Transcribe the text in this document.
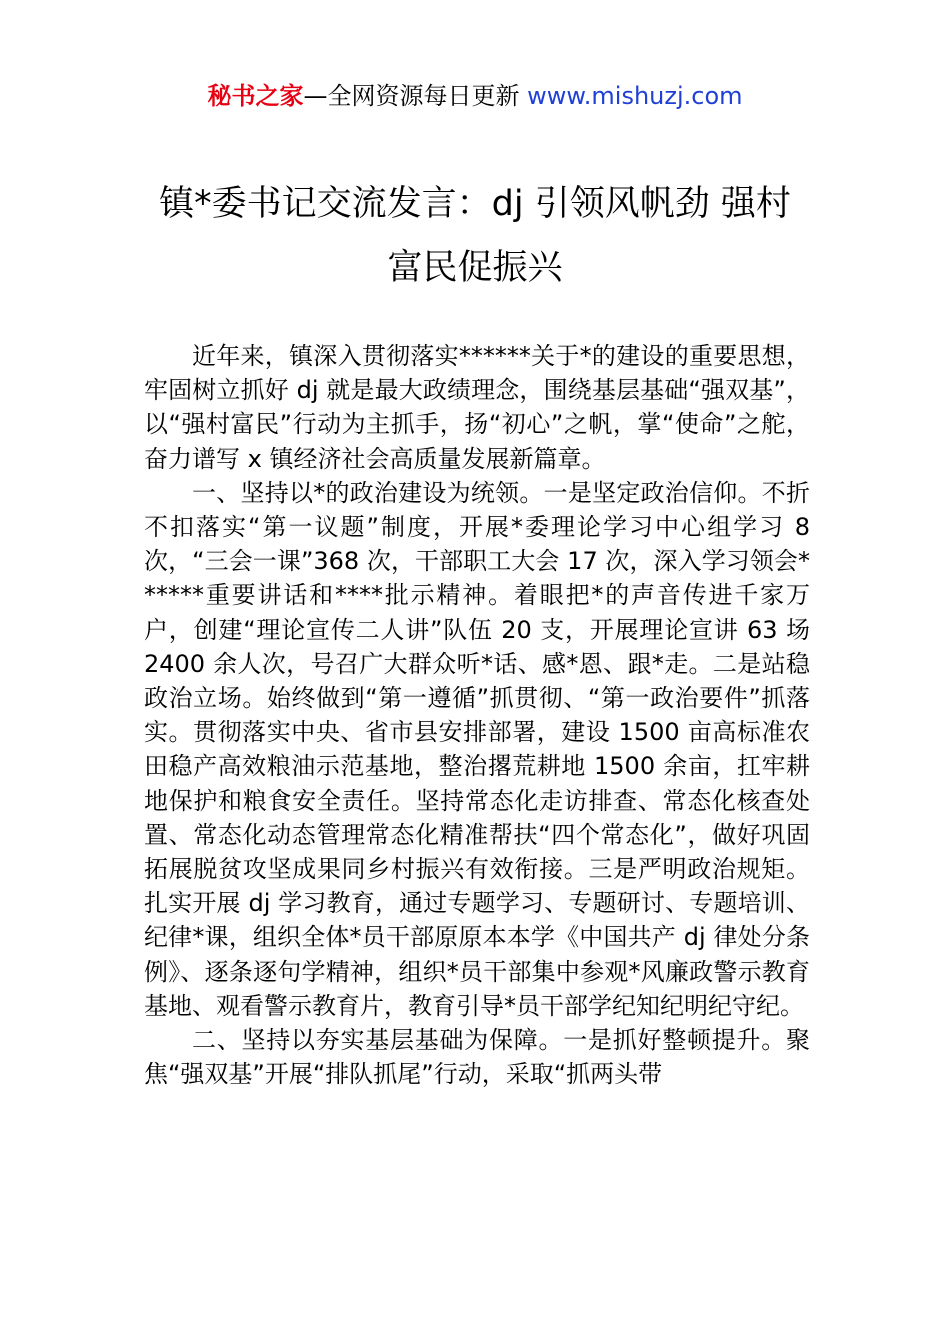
秘书之家—全网资源每日更新 www.mishuzj.com
镇*委书记交流发言：dj 引领风帆劲 强村
富民促振兴

近年来，镇深入贯彻落实******关于*的建设的重要思想，牢固树立抓好 dj 就是最大政绩理念，围绕基层基础“强双基”，以“强村富民”行动为主抓手，扬“初心”之帆，掌“使命”之舵，奋力谱写 x 镇经济社会高质量发展新篇章。

一、坚持以*的政治建设为统领。一是坚定政治信仰。不折不扣落实“第一议题”制度，开展*委理论学习中心组学习 8 次，“三会一课”368 次，干部职工大会 17 次，深入学习领会******重要讲话和****批示精神。着眼把*的声音传进千家万户，创建“理论宣传二人讲”队伍 20 支，开展理论宣讲 63 场 2400 余人次，号召广大群众听*话、感*恩、跟*走。二是站稳政治立场。始终做到“第一遵循”抓贯彻、“第一政治要件”抓落实。贯彻落实中央、省市县安排部署，建设 1500 亩高标准农田稳产高效粮油示范基地，整治撂荒耕地 1500 余亩，扛牢耕地保护和粮食安全责任。坚持常态化走访排查、常态化核查处置、常态化动态管理常态化精准帮扶“四个常态化”，做好巩固拓展脱贫攻坚成果同乡村振兴有效衔接。三是严明政治规矩。扎实开展 dj 学习教育，通过专题学习、专题研讨、专题培训、纪律*课，组织全体*员干部原原本本学《中国共产 dj 律处分条例》、逐条逐句学精神，组织*员干部集中参观*风廉政警示教育基地、观看警示教育片，教育引导*员干部学纪知纪明纪守纪。

二、坚持以夯实基层基础为保障。一是抓好整顿提升。聚焦“强双基”开展“排队抓尾”行动，采取“抓两头带
